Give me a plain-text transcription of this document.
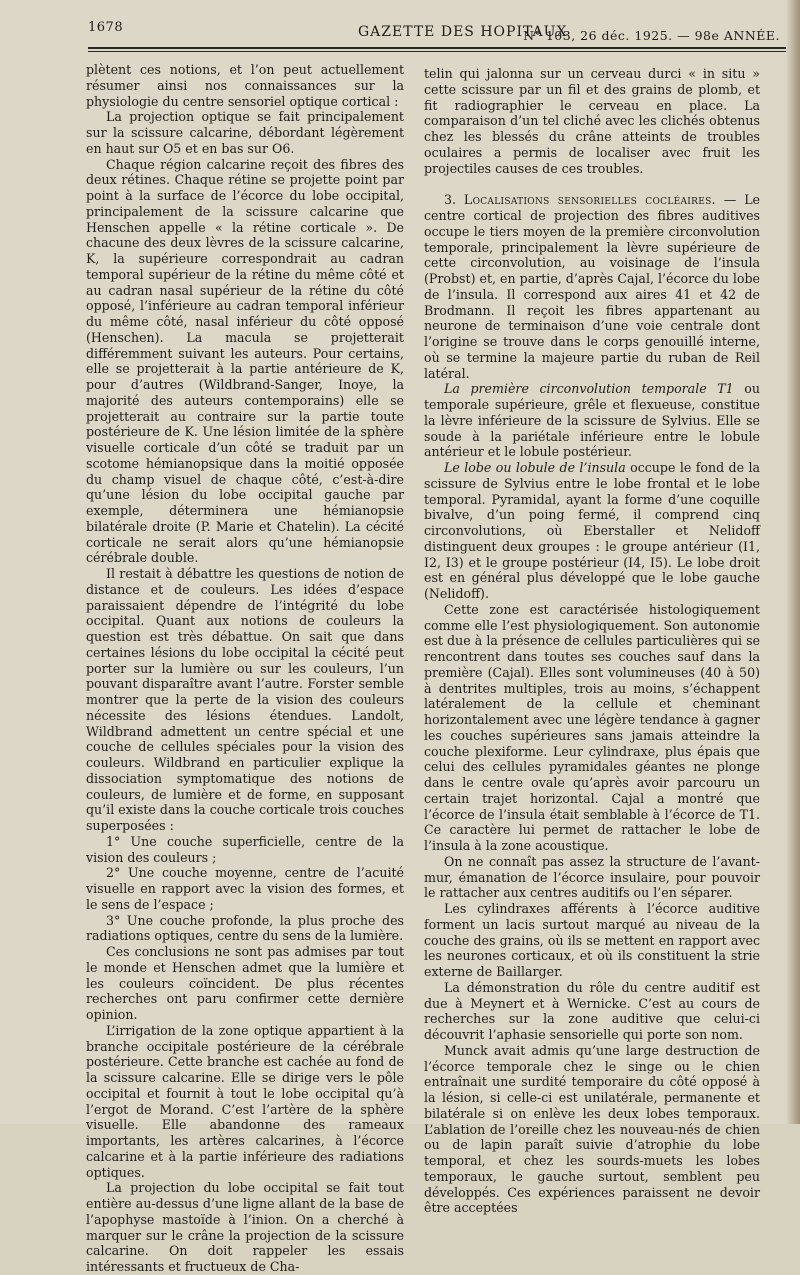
1678	GAZETTE DES HOPITAUX
N° 103, 26 déc. 1925. — 98e ANNÉE.

plètent ces notions, et l’on peut actuellement résumer ainsi nos connaissances sur la physiologie du centre sensoriel optique cortical :

La projection optique se fait principalement sur la scissure calcarine, débordant légèrement en haut sur O5 et en bas sur O6.

Chaque région calcarine reçoit des fibres des deux rétines. Chaque rétine se projette point par point à la surface de l’écorce du lobe occipital, principalement de la scissure calcarine que Henschen appelle « la rétine corticale ». De chacune des deux lèvres de la scissure calcarine, K, la supérieure correspondrait au cadran temporal supérieur de la rétine du même côté et au cadran nasal supérieur de la rétine du côté opposé, l’inférieure au cadran temporal inférieur du même côté, nasal inférieur du côté opposé (Henschen). La macula se projetterait différemment suivant les auteurs. Pour certains, elle se projetterait à la partie antérieure de K, pour d’autres (Wildbrand-Sanger, Inoye, la majorité des auteurs contemporains) elle se projetterait au contraire sur la partie toute postérieure de K. Une lésion limitée de la sphère visuelle corticale d’un côté se traduit par un scotome hémianopsique dans la moitié opposée du champ visuel de chaque côté, c’est-à-dire qu’une lésion du lobe occipital gauche par exemple, déterminera une hémianopsie bilatérale droite (P. Marie et Chatelin). La cécité corticale ne serait alors qu’une hémianopsie cérébrale double.

Il restait à débattre les questions de notion de distance et de couleurs. Les idées d’espace paraissaient dépendre de l’intégrité du lobe occipital. Quant aux notions de couleurs la question est très débattue. On sait que dans certaines lésions du lobe occipital la cécité peut porter sur la lumière ou sur les couleurs, l’un pouvant disparaître avant l’autre. Forster semble montrer que la perte de la vision des couleurs nécessite des lésions étendues. Landolt, Wildbrand admettent un centre spécial et une couche de cellules spéciales pour la vision des couleurs. Wildbrand en particulier explique la dissociation symptomatique des notions de couleurs, de lumière et de forme, en supposant qu’il existe dans la couche corticale trois couches superposées :

1° Une couche superficielle, centre de la vision des couleurs ;

2° Une couche moyenne, centre de l’acuité visuelle en rapport avec la vision des formes, et le sens de l’espace ;

3° Une couche profonde, la plus proche des radiations optiques, centre du sens de la lumière.

Ces conclusions ne sont pas admises par tout le monde et Henschen admet que la lumière et les couleurs coïncident. De plus récentes recherches ont paru confirmer cette dernière opinion.

L’irrigation de la zone optique appartient à la branche occipitale postérieure de la cérébrale postérieure. Cette branche est cachée au fond de la scissure calcarine. Elle se dirige vers le pôle occipital et fournit à tout le lobe occipital qu’à l’ergot de Morand. C’est l’artère de la sphère visuelle. Elle abandonne des rameaux importants, les artères calcarines, à l’écorce calcarine et à la partie inférieure des radiations optiques.

La projection du lobe occipital se fait tout entière au-dessus d’une ligne allant de la base de l’apophyse mastoïde à l’inion. On a cherché à marquer sur le crâne la projection de la scissure calcarine. On doit rappeler les essais intéressants et fructueux de Cha-

telin qui jalonna sur un cerveau durci « in situ » cette scissure par un fil et des grains de plomb, et fit radiographier le cerveau en place. La comparaison d’un tel cliché avec les clichés obtenus chez les blessés du crâne atteints de troubles oculaires a permis de localiser avec fruit les projectiles causes de ces troubles.

3. Localisations sensorielles cocléaires. — Le centre cortical de projection des fibres auditives occupe le tiers moyen de la première circonvolution temporale, principalement la lèvre supérieure de cette circonvolution, au voisinage de l’insula (Probst) et, en partie, d’après Cajal, l’écorce du lobe de l’insula. Il correspond aux aires 41 et 42 de Brodmann. Il reçoit les fibres appartenant au neurone de terminaison d’une voie centrale dont l’origine se trouve dans le corps genouillé interne, où se termine la majeure partie du ruban de Reil latéral.

La première circonvolution temporale T1 ou temporale supérieure, grêle et flexueuse, constitue la lèvre inférieure de la scissure de Sylvius. Elle se soude à la pariétale inférieure entre le lobule antérieur et le lobule postérieur.

Le lobe ou lobule de l’insula occupe le fond de la scissure de Sylvius entre le lobe frontal et le lobe temporal. Pyramidal, ayant la forme d’une coquille bivalve, d’un poing fermé, il comprend cinq circonvolutions, où Eberstaller et Nelidoff distinguent deux groupes : le groupe antérieur (I1, I2, I3) et le groupe postérieur (I4, I5). Le lobe droit est en général plus développé que le lobe gauche (Nelidoff).

Cette zone est caractérisée histologiquement comme elle l’est physiologiquement. Son autonomie est due à la présence de cellules particulières qui se rencontrent dans toutes ses couches sauf dans la première (Cajal). Elles sont volumineuses (40 à 50) à dentrites multiples, trois au moins, s’échappent latéralement de la cellule et cheminant horizontalement avec une légère tendance à gagner les couches supérieures sans jamais atteindre la couche plexiforme. Leur cylindraxe, plus épais que celui des cellules pyramidales géantes ne plonge dans le centre ovale qu’après avoir parcouru un certain trajet horizontal. Cajal a montré que l’écorce de l’insula était semblable à l’écorce de T1. Ce caractère lui permet de rattacher le lobe de l’insula à la zone acoustique.

On ne connaît pas assez la structure de l’avant-mur, émanation de l’écorce insulaire, pour pouvoir le rattacher aux centres auditifs ou l’en séparer.

Les cylindraxes afférents à l’écorce auditive forment un lacis surtout marqué au niveau de la couche des grains, où ils se mettent en rapport avec les neurones corticaux, et où ils constituent la strie externe de Baillarger.

La démonstration du rôle du centre auditif est due à Meynert et à Wernicke. C’est au cours de recherches sur la zone auditive que celui-ci découvrit l’aphasie sensorielle qui porte son nom.

Munck avait admis qu’une large destruction de l’écorce temporale chez le singe ou le chien entraînait une surdité temporaire du côté opposé à la lésion, si celle-ci est unilatérale, permanente et bilatérale si on enlève les deux lobes temporaux. L’ablation de l’oreille chez les nouveau-nés de chien ou de lapin paraît suivie d’atrophie du lobe temporal, et chez les sourds-muets les lobes temporaux, le gauche surtout, semblent peu développés. Ces expériences paraissent ne devoir être acceptées
